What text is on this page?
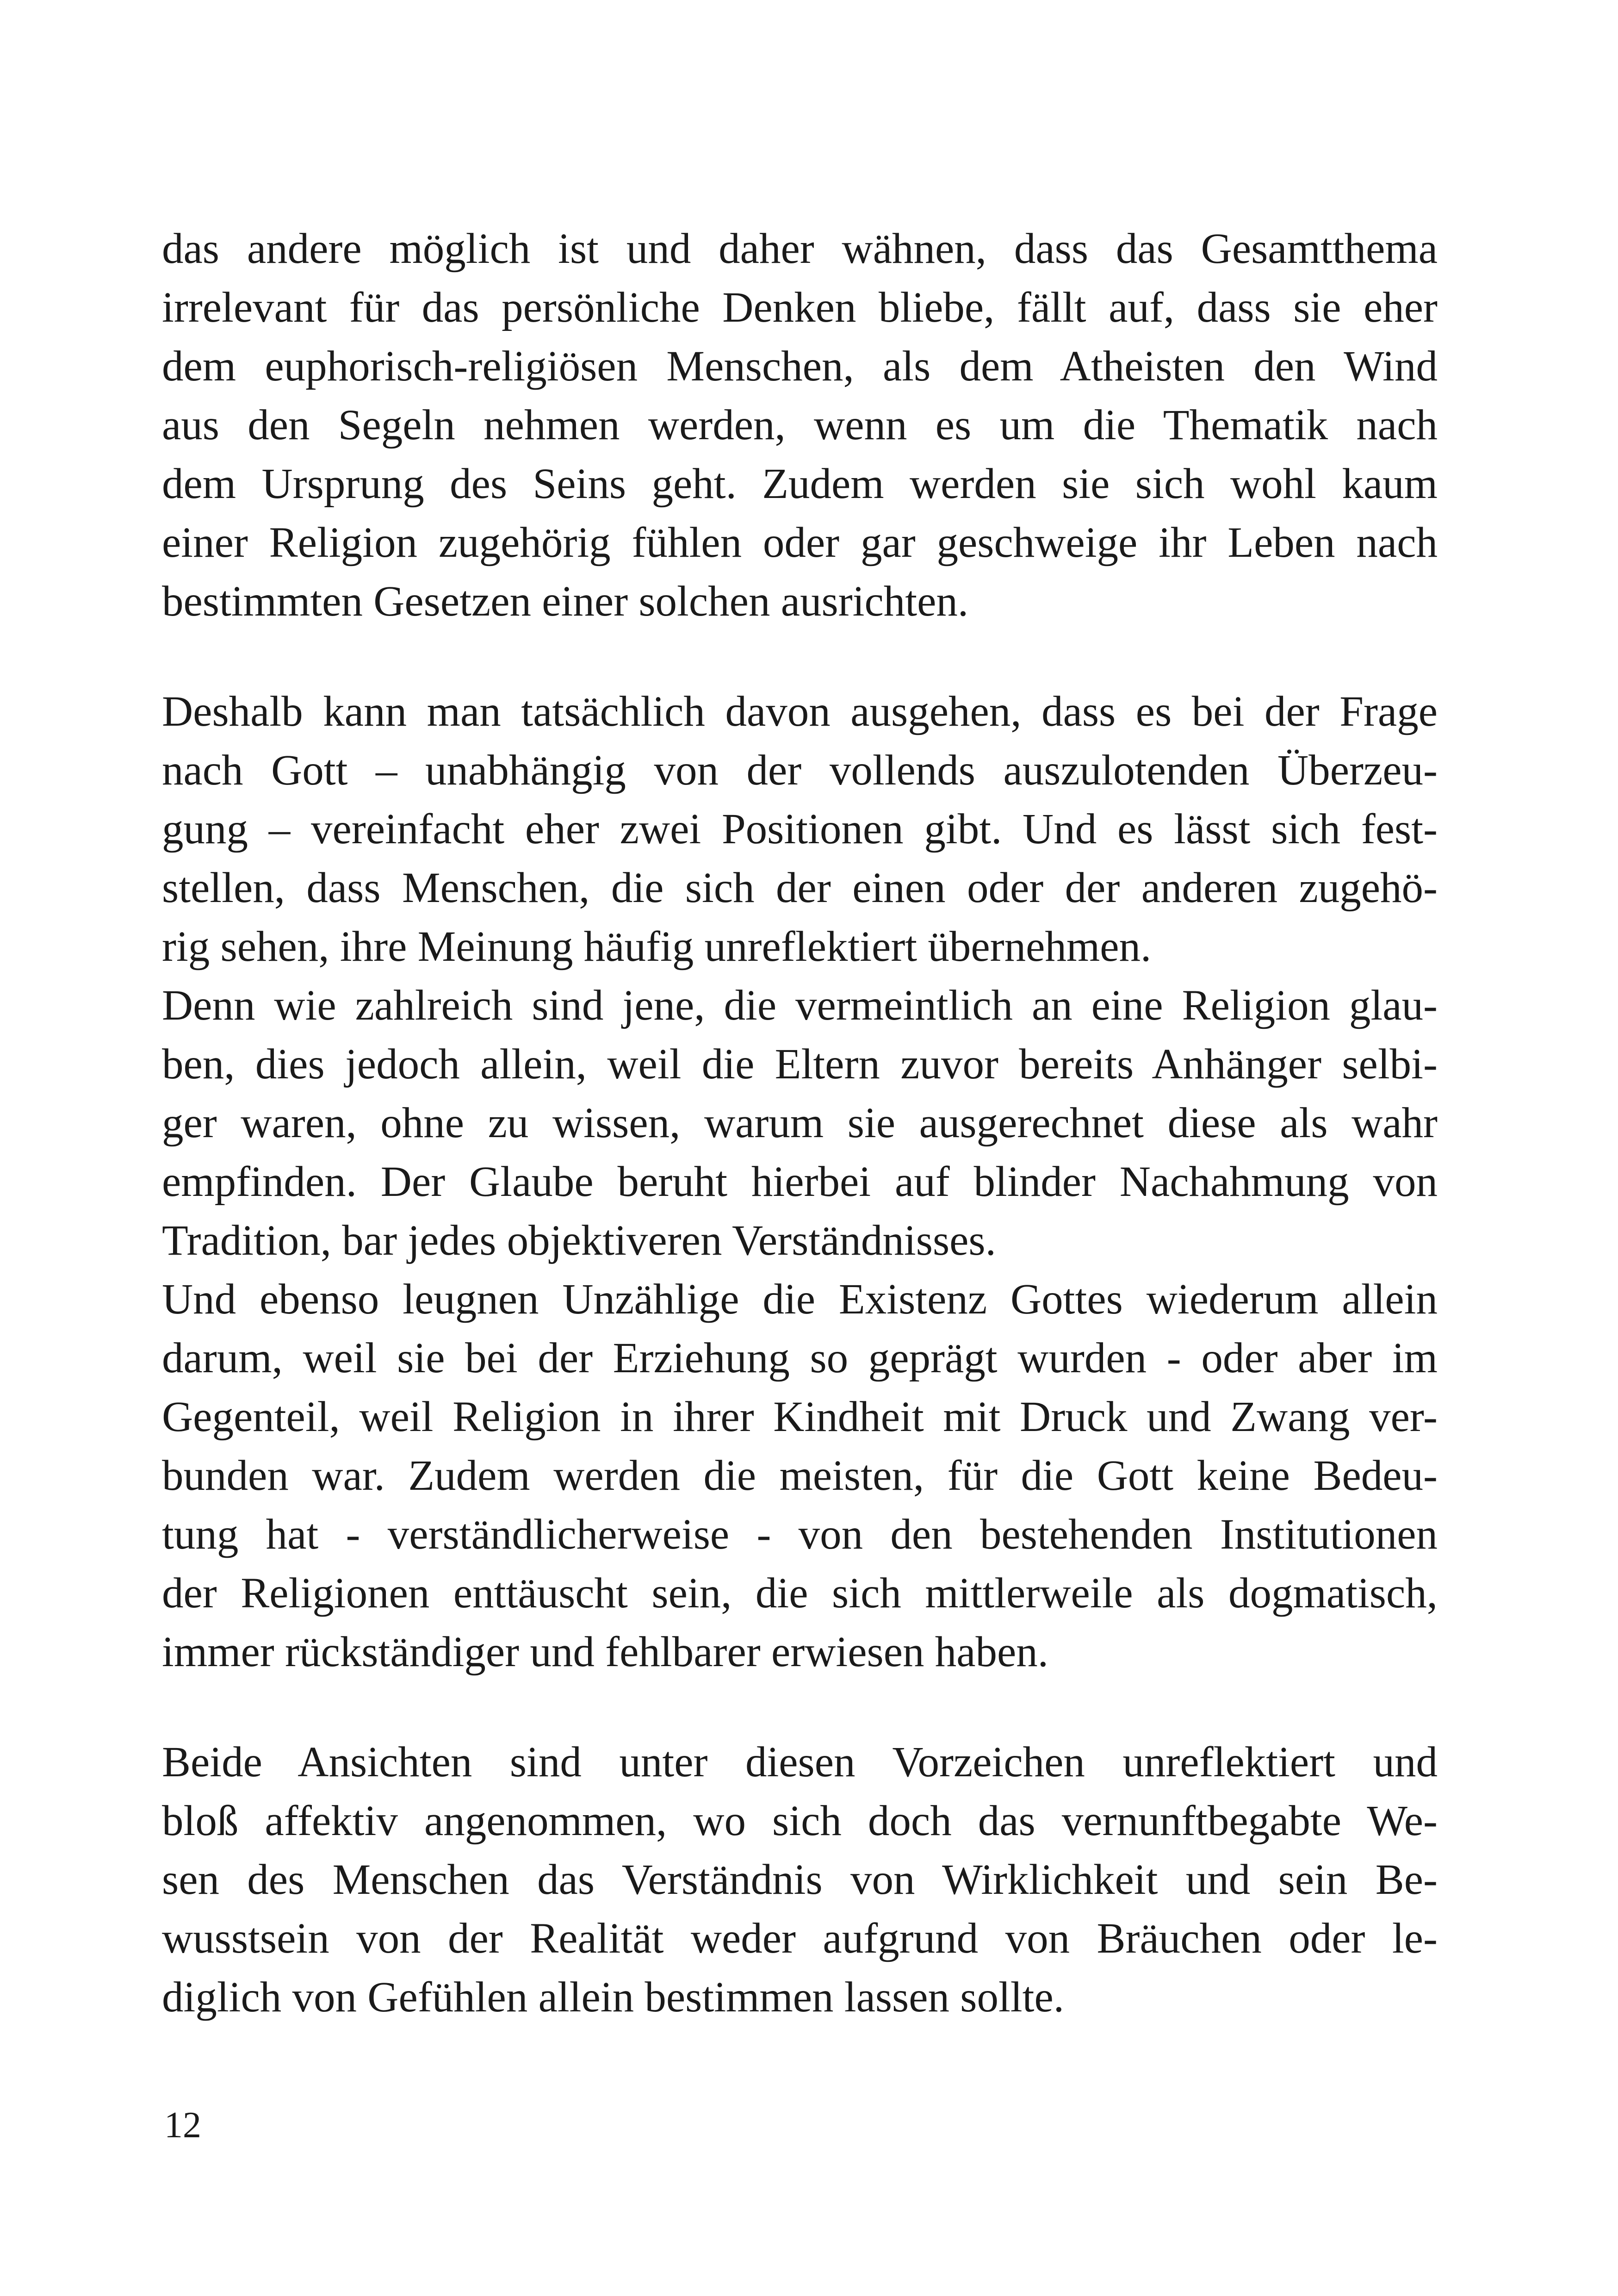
das andere möglich ist und daher wähnen, dass das Gesamtthema
irrelevant für das persönliche Denken bliebe, fällt auf, dass sie eher
dem euphorisch-religiösen Menschen, als dem Atheisten den Wind
aus den Segeln nehmen werden, wenn es um die Thematik nach
dem Ursprung des Seins geht. Zudem werden sie sich wohl kaum
einer Religion zugehörig fühlen oder gar geschweige ihr Leben nach
bestimmten Gesetzen einer solchen ausrichten.
Deshalb kann man tatsächlich davon ausgehen, dass es bei der Frage
nach Gott – unabhängig von der vollends auszulotenden Überzeu-
gung – vereinfacht eher zwei Positionen gibt. Und es lässt sich fest-
stellen, dass Menschen, die sich der einen oder der anderen zugehö-
rig sehen, ihre Meinung häufig unreflektiert übernehmen.
Denn wie zahlreich sind jene, die vermeintlich an eine Religion glau-
ben, dies jedoch allein, weil die Eltern zuvor bereits Anhänger selbi-
ger waren, ohne zu wissen, warum sie ausgerechnet diese als wahr
empfinden. Der Glaube beruht hierbei auf blinder Nachahmung von
Tradition, bar jedes objektiveren Verständnisses.
Und ebenso leugnen Unzählige die Existenz Gottes wiederum allein
darum, weil sie bei der Erziehung so geprägt wurden - oder aber im
Gegenteil, weil Religion in ihrer Kindheit mit Druck und Zwang ver-
bunden war. Zudem werden die meisten, für die Gott keine Bedeu-
tung hat - verständlicherweise - von den bestehenden Institutionen
der Religionen enttäuscht sein, die sich mittlerweile als dogmatisch,
immer rückständiger und fehlbarer erwiesen haben.
Beide Ansichten sind unter diesen Vorzeichen unreflektiert und
bloß affektiv angenommen, wo sich doch das vernunftbegabte We-
sen des Menschen das Verständnis von Wirklichkeit und sein Be-
wusstsein von der Realität weder aufgrund von Bräuchen oder le-
diglich von Gefühlen allein bestimmen lassen sollte.
12
